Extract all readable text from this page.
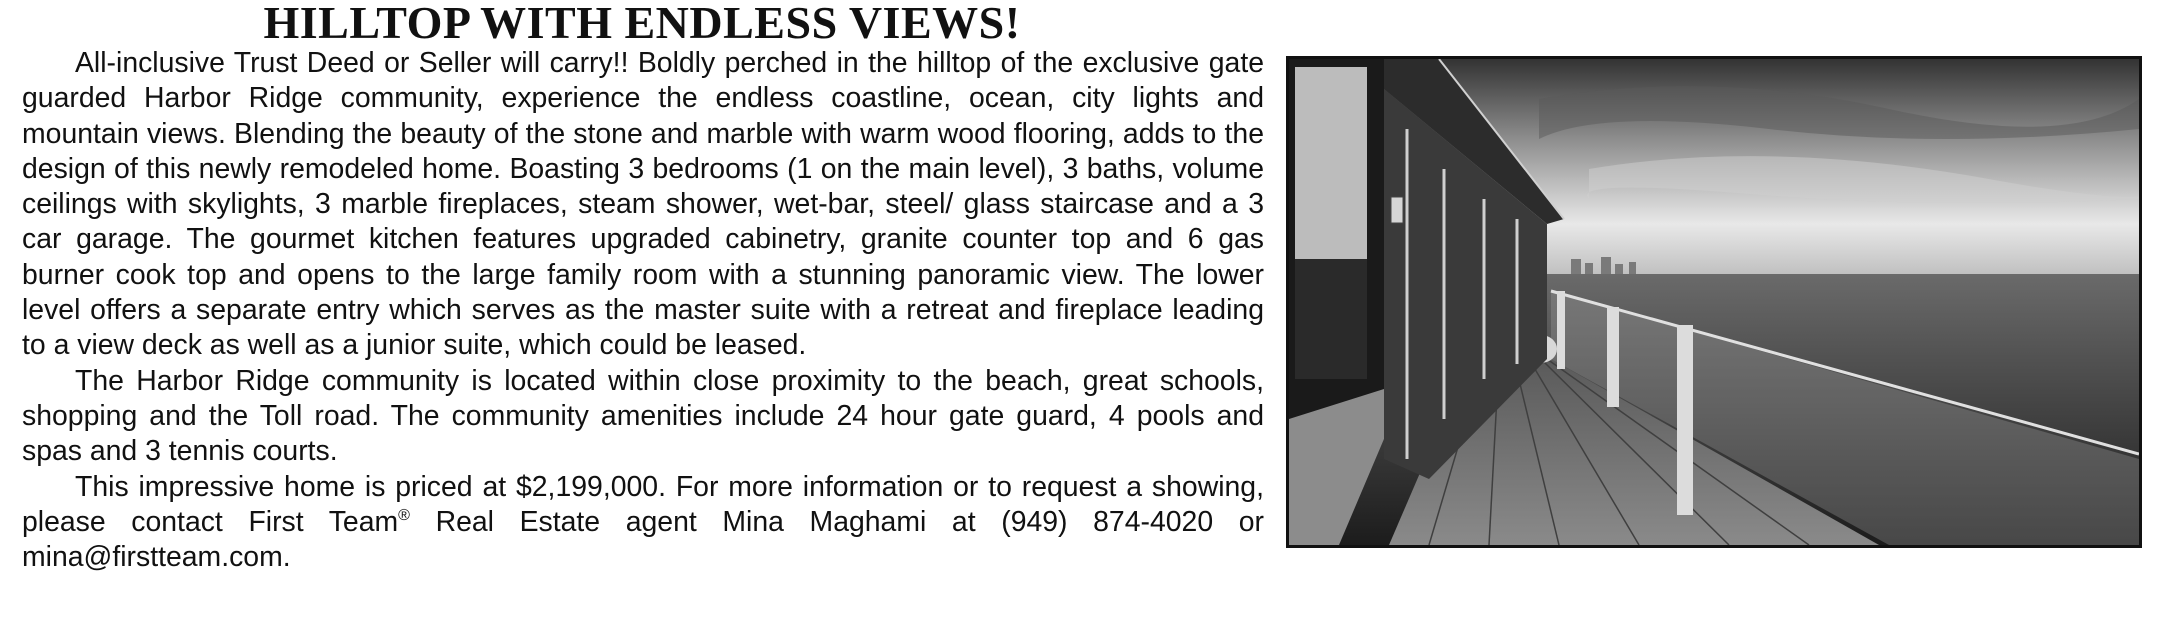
HILLTOP WITH ENDLESS VIEWS!

All-inclusive Trust Deed or Seller will carry!! Boldly perched in the hilltop of the exclusive gate guarded Harbor Ridge community, experience the endless coastline, ocean, city lights and mountain views. Blending the beauty of the stone and marble with warm wood flooring, adds to the design of this newly remodeled home. Boasting 3 bedrooms (1 on the main level), 3 baths, volume ceilings with skylights, 3 marble fireplaces, steam shower, wet-bar, steel/ glass staircase and a 3 car garage. The gourmet kitchen features upgraded cabinetry, granite counter top and 6 gas burner cook top and opens to the large family room with a stunning panoramic view. The lower level offers a separate entry which serves as the master suite with a retreat and fireplace leading to a view deck as well as a junior suite, which could be leased.

The Harbor Ridge community is located within close proximity to the beach, great schools, shopping and the Toll road. The community amenities include 24 hour gate guard, 4 pools and spas and 3 tennis courts.

This impressive home is priced at $2,199,000. For more information or to request a showing, please contact First Team® Real Estate agent Mina Maghami at (949) 874-4020 or mina@firstteam.com.
